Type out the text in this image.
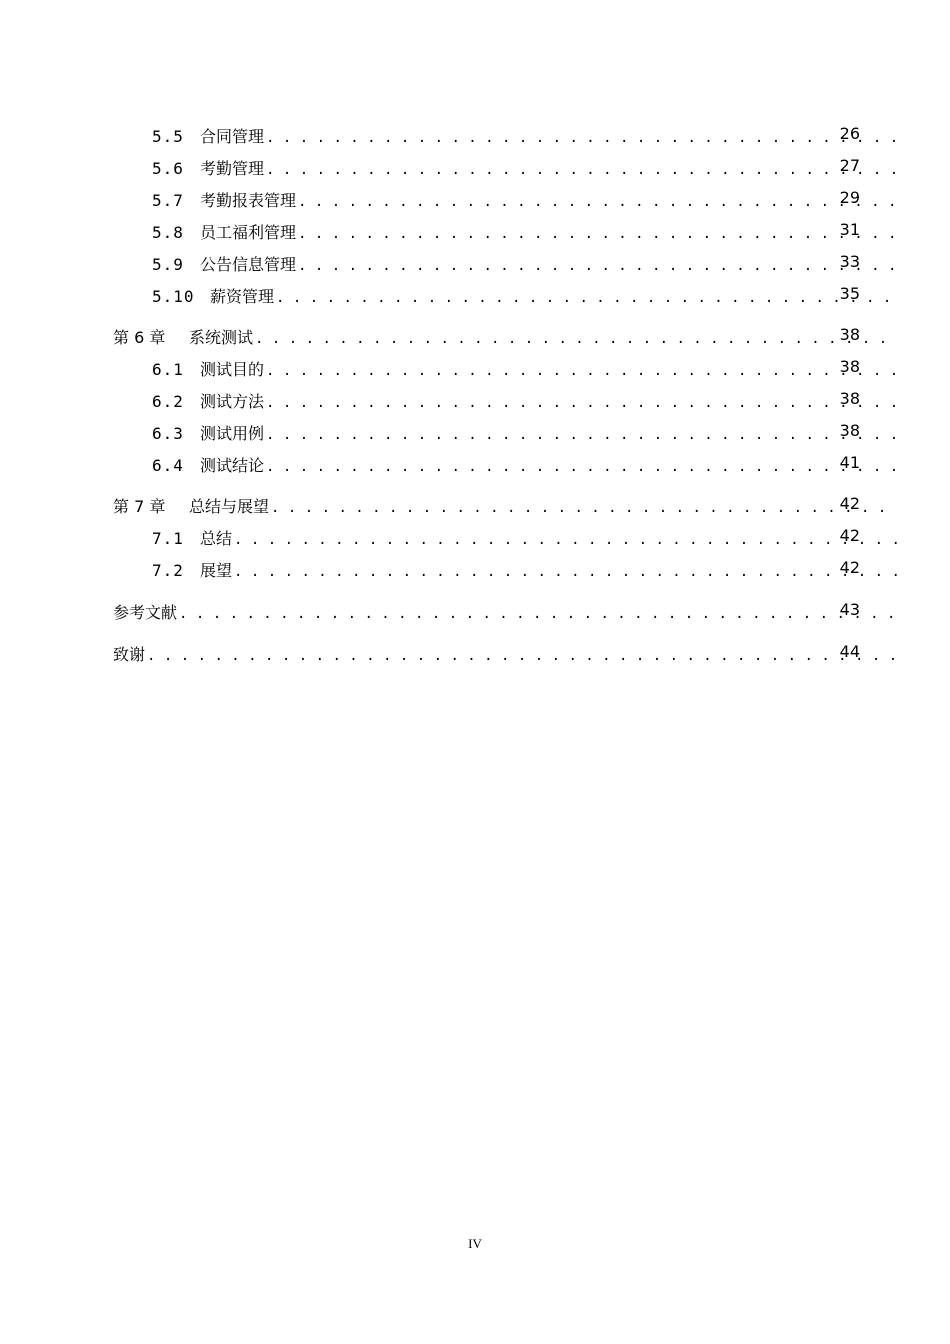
5.5	合同管理 . . .	26
5.6	考勤管理 . . .	27
5.7	考勤报表管理 . . .	29
5.8	员工福利管理 . . .	31
5.9	公告信息管理 . . .	33
5.10 薪资管理 . . .	35
第 6 章	系统测试 . . .	38
6.1	测试目的 . . .	38
6.2	测试方法 . . .	38
6.3	测试用例 . . .	38
6.4	测试结论 . . .	41
第 7 章	总结与展望 . . .	42
7.1	总结 . . .	42
7.2	展望 . . .	42
参考文献 . . .	43
致谢 . . .	44
IV
